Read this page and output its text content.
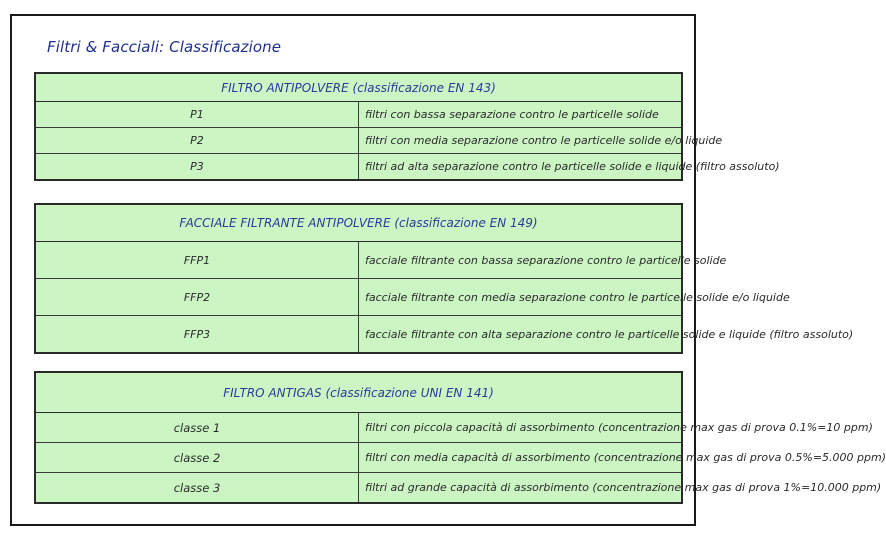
Filtri & Facciali: Classificazione
FILTRO ANTIPOLVERE (classificazione EN 143)	
P1	filtri con bassa separazione contro le particelle solide
P2	filtri con media separazione contro le particelle solide e/o liquide
P3	filtri ad alta separazione contro le particelle solide e liquide (filtro assoluto)
FACCIALE FILTRANTE ANTIPOLVERE (classificazione EN 149)	
FFP1	facciale filtrante con bassa separazione contro le particelle solide
FFP2	facciale filtrante con media separazione contro le particelle solide e/o liquide
FFP3	facciale filtrante con alta separazione contro le particelle solide e liquide (filtro assoluto)
FILTRO ANTIGAS (classificazione UNI EN 141)	
classe 1	filtri con piccola capacità di assorbimento (concentrazione max gas di prova 0.1%=10 ppm)
classe 2	filtri con media capacità di assorbimento (concentrazione max gas di prova 0.5%=5.000 ppm)
classe 3	filtri ad grande capacità di assorbimento (concentrazione max gas di prova 1%=10.000 ppm)
